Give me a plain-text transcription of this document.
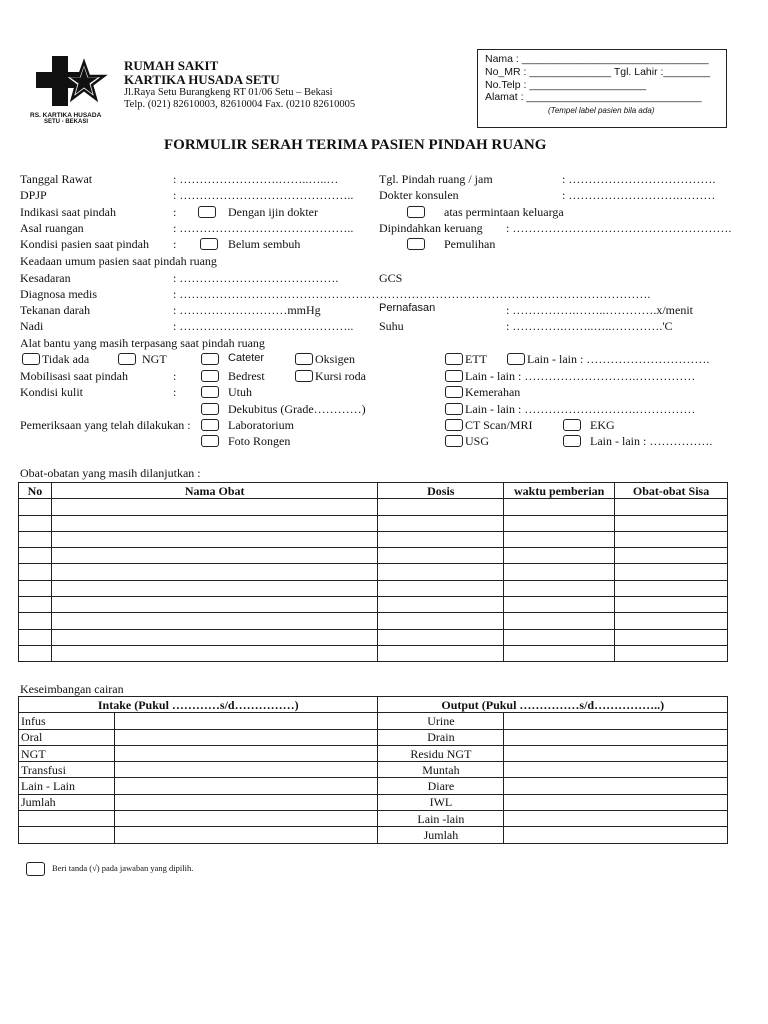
RS. KARTIKA HUSADA
SETU - BEKASI
RUMAH SAKIT
KARTIKA HUSADA SETU
Jl.Raya Setu Burangkeng RT 01/06 Setu – Bekasi
Telp. (021) 82610003, 82610004 Fax. (0210 82610005
Nama : ________________________________
No_MR : ______________ Tgl. Lahir :________
No.Telp : ____________________
Alamat : ______________________________
(Tempel label pasien bila ada)
FORMULIR SERAH TERIMA PASIEN PINDAH RUANG
Tanggal Rawat	: …………………….……..…..…	Tgl. Pindah ruang / jam	: ……………………………….
DPJP	: …………………………………….. Dokter konsulen	: ……………………….………
Indikasi saat pindah	:	Dengan ijin dokter	atas permintaan keluarga
Asal ruangan	: …………………………………….. Dipindahkan keruang : ……………………………………………….
Kondisi pasien saat pindah :	Belum sembuh	Pemulihan
Keadaan umum pasien saat pindah ruang
Kesadaran	: ………………………………….	GCS
Diagnosa medis	: ……………………………………………………………………………………………………….
Tekanan darah	: ………………………mmHg	Pernafasan	: …………….……..………….x/menit
Nadi	: …………………………………….. Suhu	: ………….……..…..………….'C
Alat bantu yang masih terpasang saat pindah ruang
Tidak ada	NGT	Cateter	Oksigen	ETT	Lain - lain : ………………………….
Mobilisasi saat pindah	:	Bedrest	Kursi roda	Lain - lain : ……………………….……………
Kondisi kulit	:	Utuh	Kemerahan
Dekubitus (Grade…………)	Lain - lain : ……………………….……………
Pemeriksaan yang telah dilakukan :	Laboratorium	CT Scan/MRI	EKG
Foto Rongen	USG	Lain - lain : …………….
Obat-obatan yang masih dilanjutkan :
No	Nama Obat	Dosis	waktu pemberian	Obat-obat Sisa

Keseimbangan cairan
Intake (Pukul …………s/d……………)		Output (Pukul ……………s/d……………..)	
Infus		Urine	
Oral		Drain	
NGT		Residu NGT	
Transfusi		Muntah	
Lain - Lain		Diare	
Jumlah		IWL	
		Lain -lain	
		Jumlah	
Beri tanda (√) pada jawaban yang dipilih.
